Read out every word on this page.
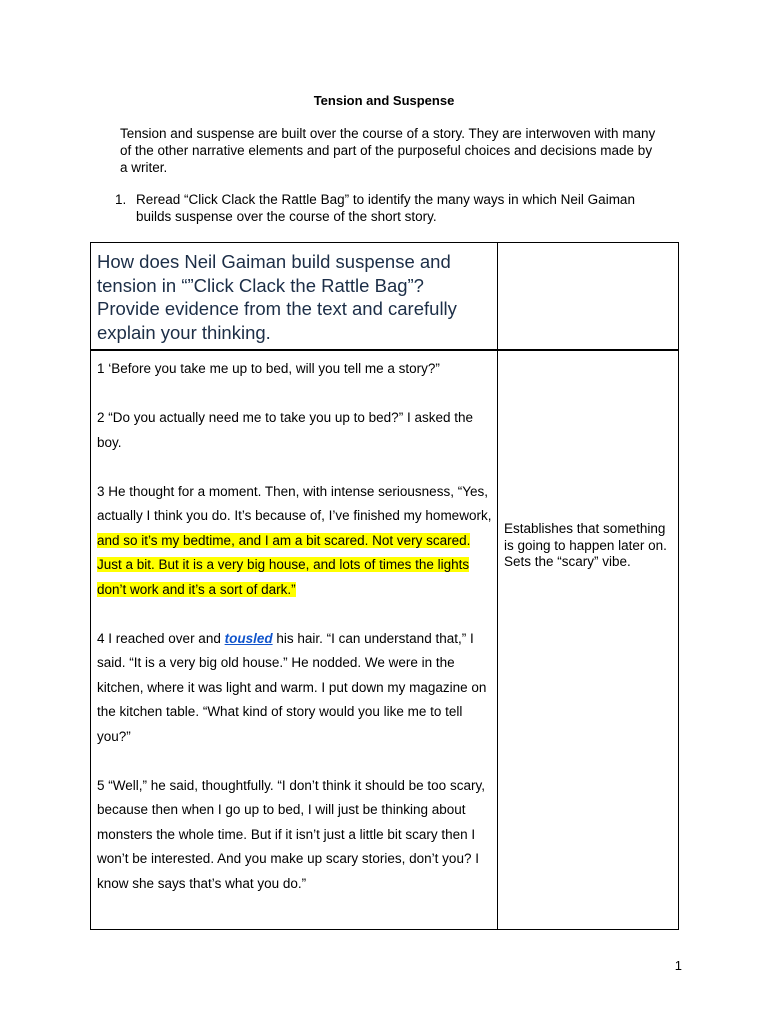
Tension and Suspense
Tension and suspense are built over the course of a story. They are interwoven with many of the other narrative elements and part of the purposeful choices and decisions made by a writer.
1. Reread “Click Clack the Rattle Bag” to identify the many ways in which Neil Gaiman builds suspense over the course of the short story.
How does Neil Gaiman build suspense and tension in “”Click Clack the Rattle Bag”? Provide evidence from the text and carefully explain your thinking.

1 ‘Before you take me up to bed, will you tell me a story?”

2 “Do you actually need me to take you up to bed?” I asked the boy.

3 He thought for a moment. Then, with intense seriousness, “Yes, actually I think you do. It’s because of, I’ve finished my homework, and so it’s my bedtime, and I am a bit scared. Not very scared. Just a bit. But it is a very big house, and lots of times the lights don’t work and it’s a sort of dark.”

4 I reached over and tousled his hair. “I can understand that,” I said. “It is a very big old house.” He nodded. We were in the kitchen, where it was light and warm. I put down my magazine on the kitchen table. “What kind of story would you like me to tell you?”

5 “Well,” he said, thoughtfully. “I don’t think it should be too scary, because then when I go up to bed, I will just be thinking about monsters the whole time. But if it isn’t just a little bit scary then I won’t be interested. And you make up scary stories, don’t you? I know she says that’s what you do.”

Establishes that something is going to happen later on. Sets the “scary” vibe.
1
